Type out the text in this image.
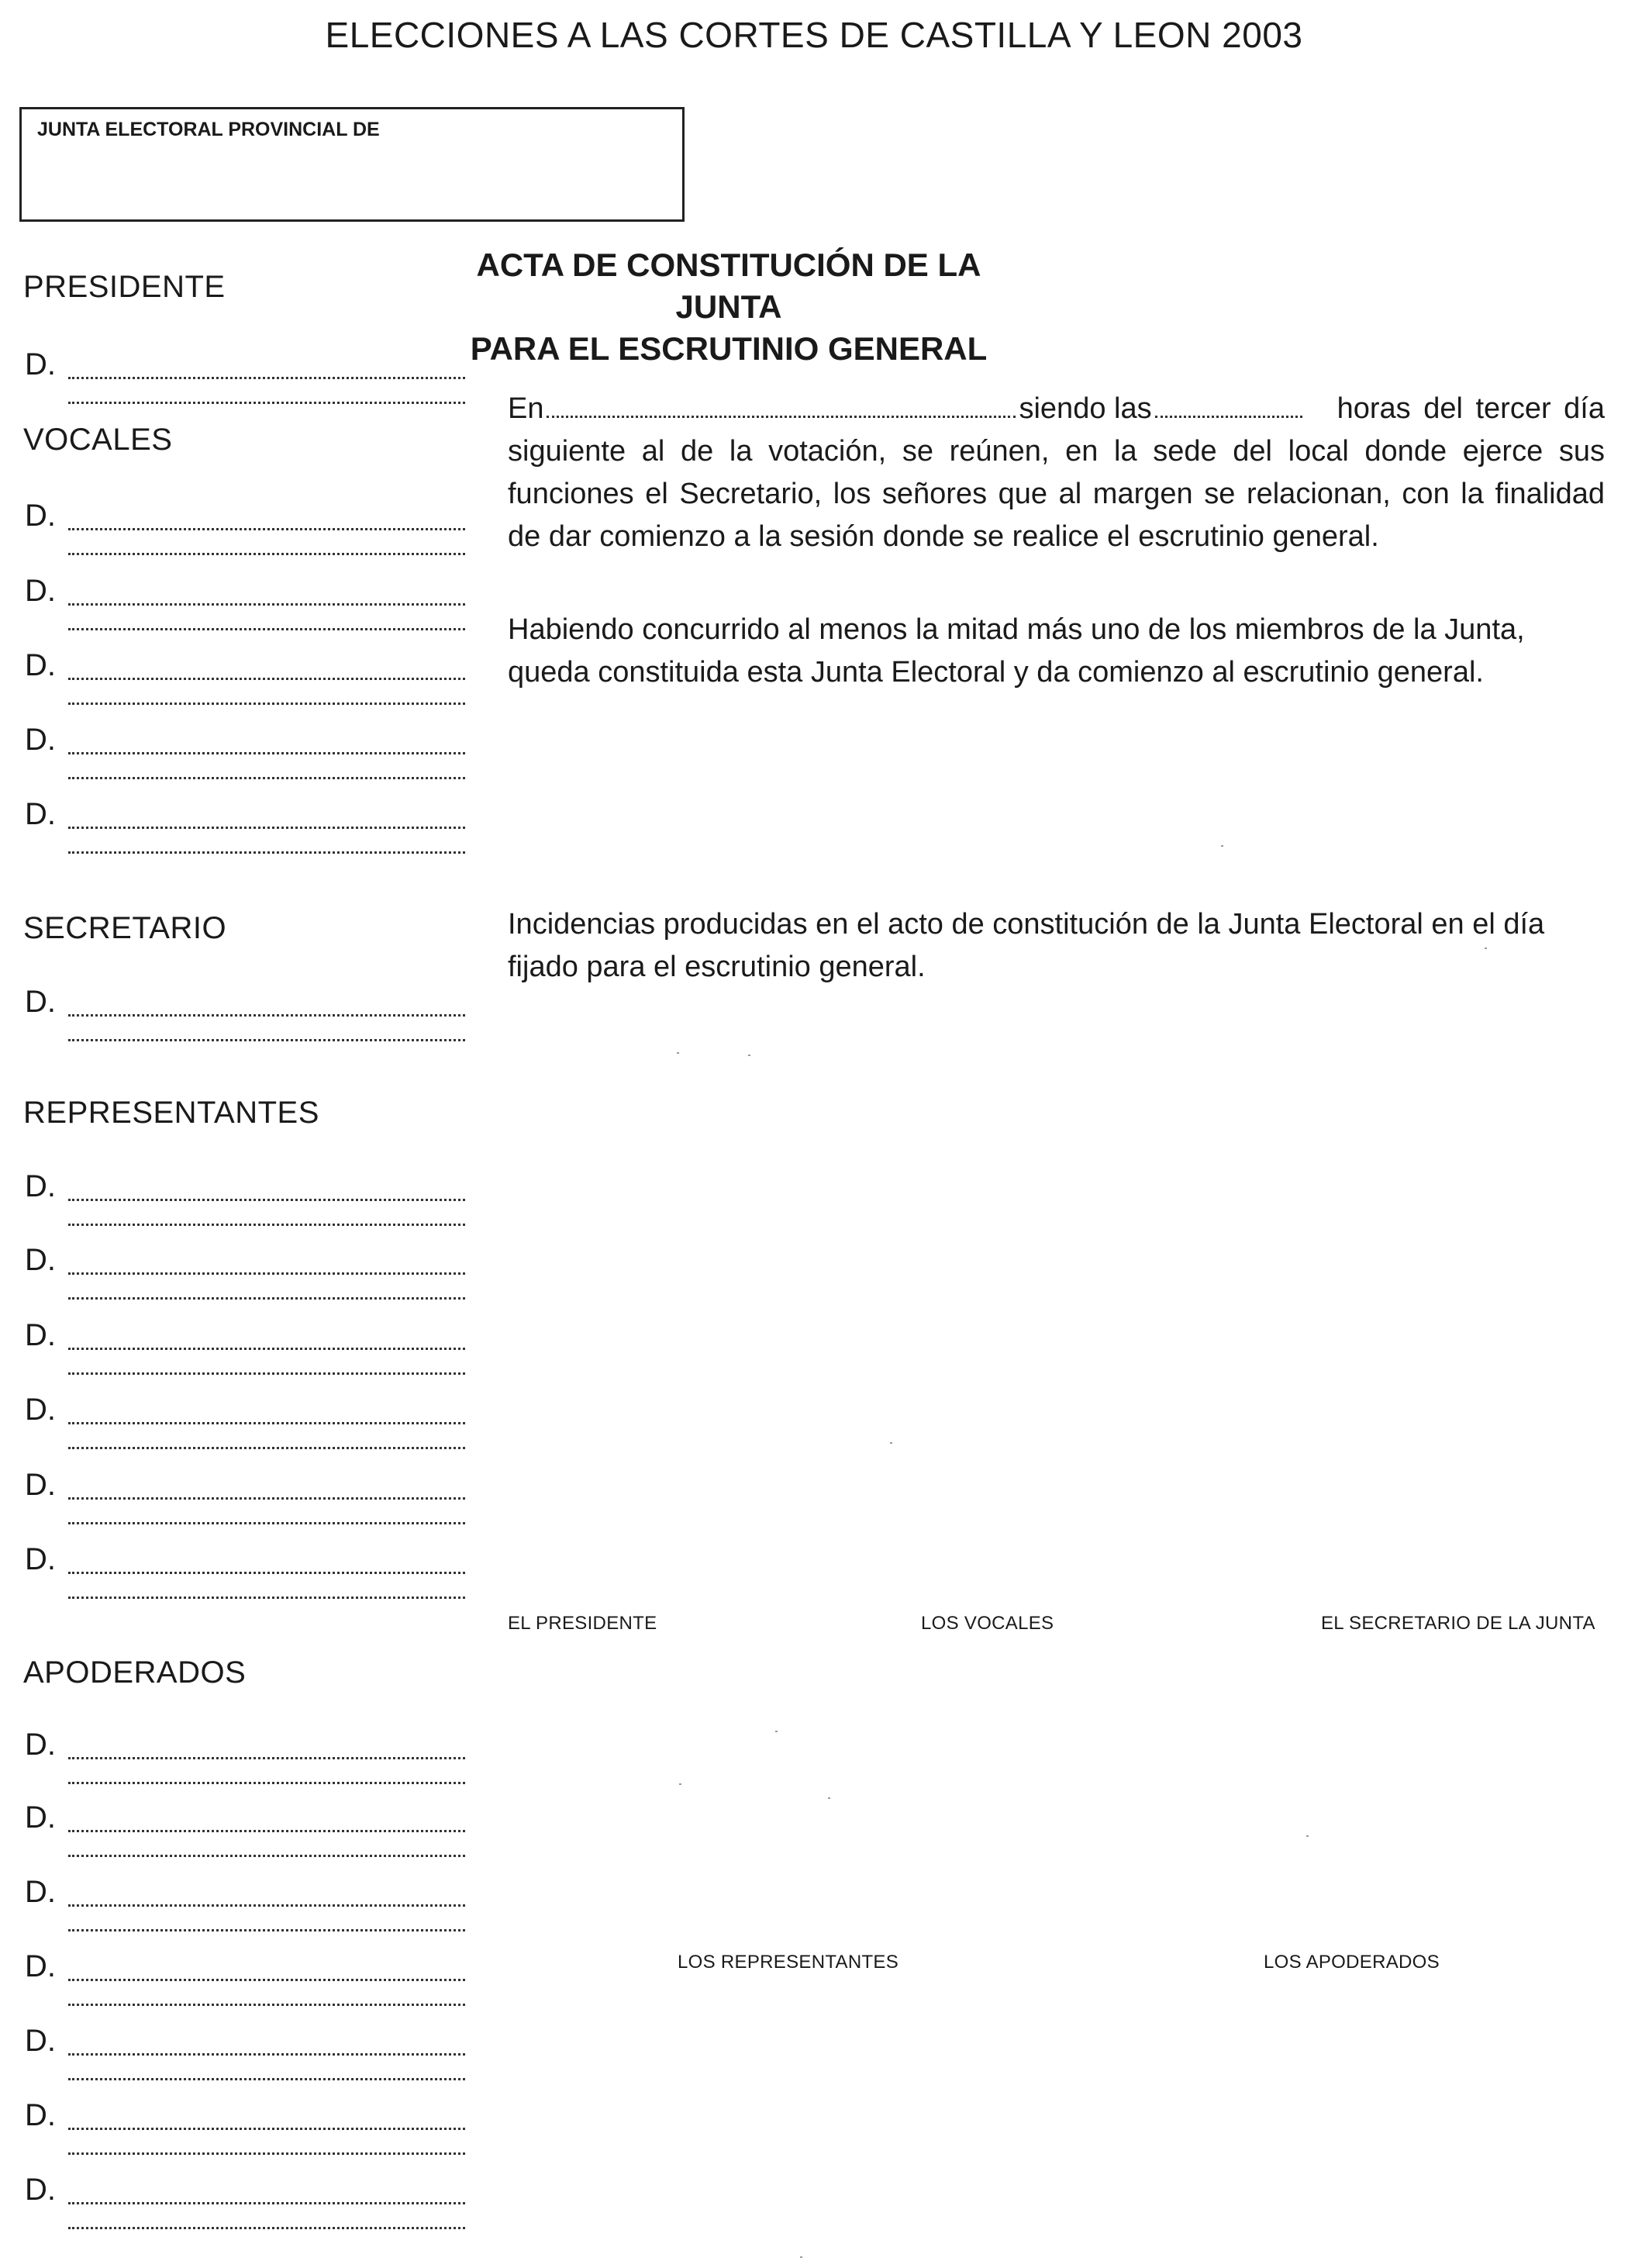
ELECCIONES A LAS CORTES DE CASTILLA Y LEON 2003
JUNTA ELECTORAL PROVINCIAL DE
PRESIDENTE
VOCALES
SECRETARIO
REPRESENTANTES
APODERADOS
D.
D.
D.
D.
D.
D.
D.
D.
D.
D.
D.
D.
D.
D.
D.
D.
D.
D.
D.
D.
ACTA DE CONSTITUCIÓN DE LA JUNTA
PARA EL ESCRUTINIO GENERAL
En	siendo las	horas del tercer día
siguiente al de la votación, se reúnen, en la sede del local donde ejerce sus
funciones el Secretario, los señores que al margen se relacionan, con la finalidad
de dar comienzo a la sesión donde se realice el escrutinio general.
Habiendo concurrido al menos la mitad más uno de los miembros de la Junta,
queda constituida esta Junta Electoral y da comienzo al escrutinio general.
Incidencias producidas en el acto de constitución de la Junta Electoral en el día
fijado para el escrutinio general.
EL PRESIDENTE	LOS VOCALES	EL SECRETARIO DE LA JUNTA
LOS REPRESENTANTES	LOS APODERADOS
